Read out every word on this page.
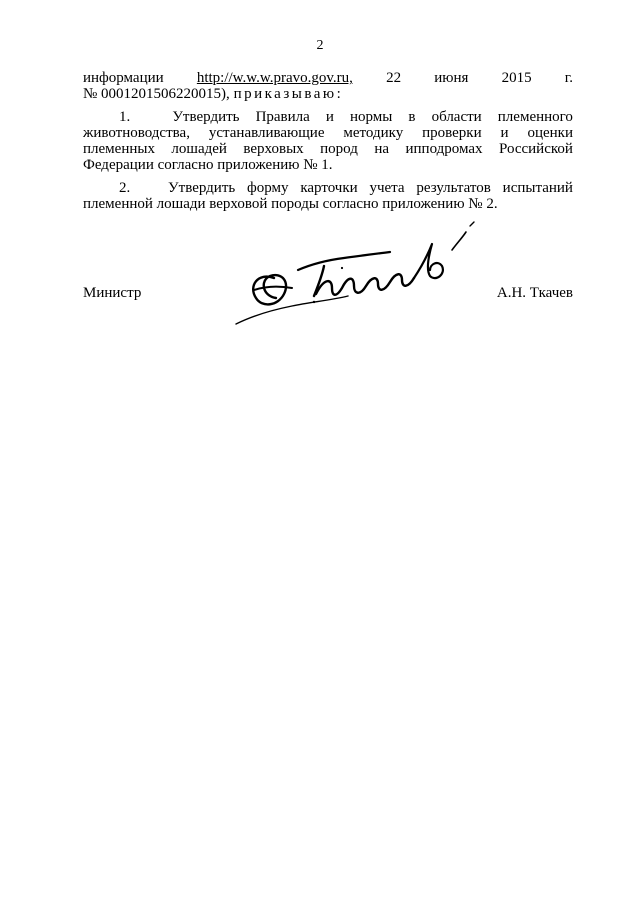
2
информации http://w.w.w.pravo.gov.ru, 22 июня 2015 г.
№ 0001201506220015), приказываю:
1.	Утвердить Правила и нормы в области племенного
животноводства, устанавливающие методику проверки и оценки
племенных лошадей верховых пород на ипподромах Российской
Федерации согласно приложению № 1.
2.	Утвердить форму карточки учета результатов испытаний
племенной лошади верховой породы согласно приложению № 2.
Министр	А.Н. Ткачев
